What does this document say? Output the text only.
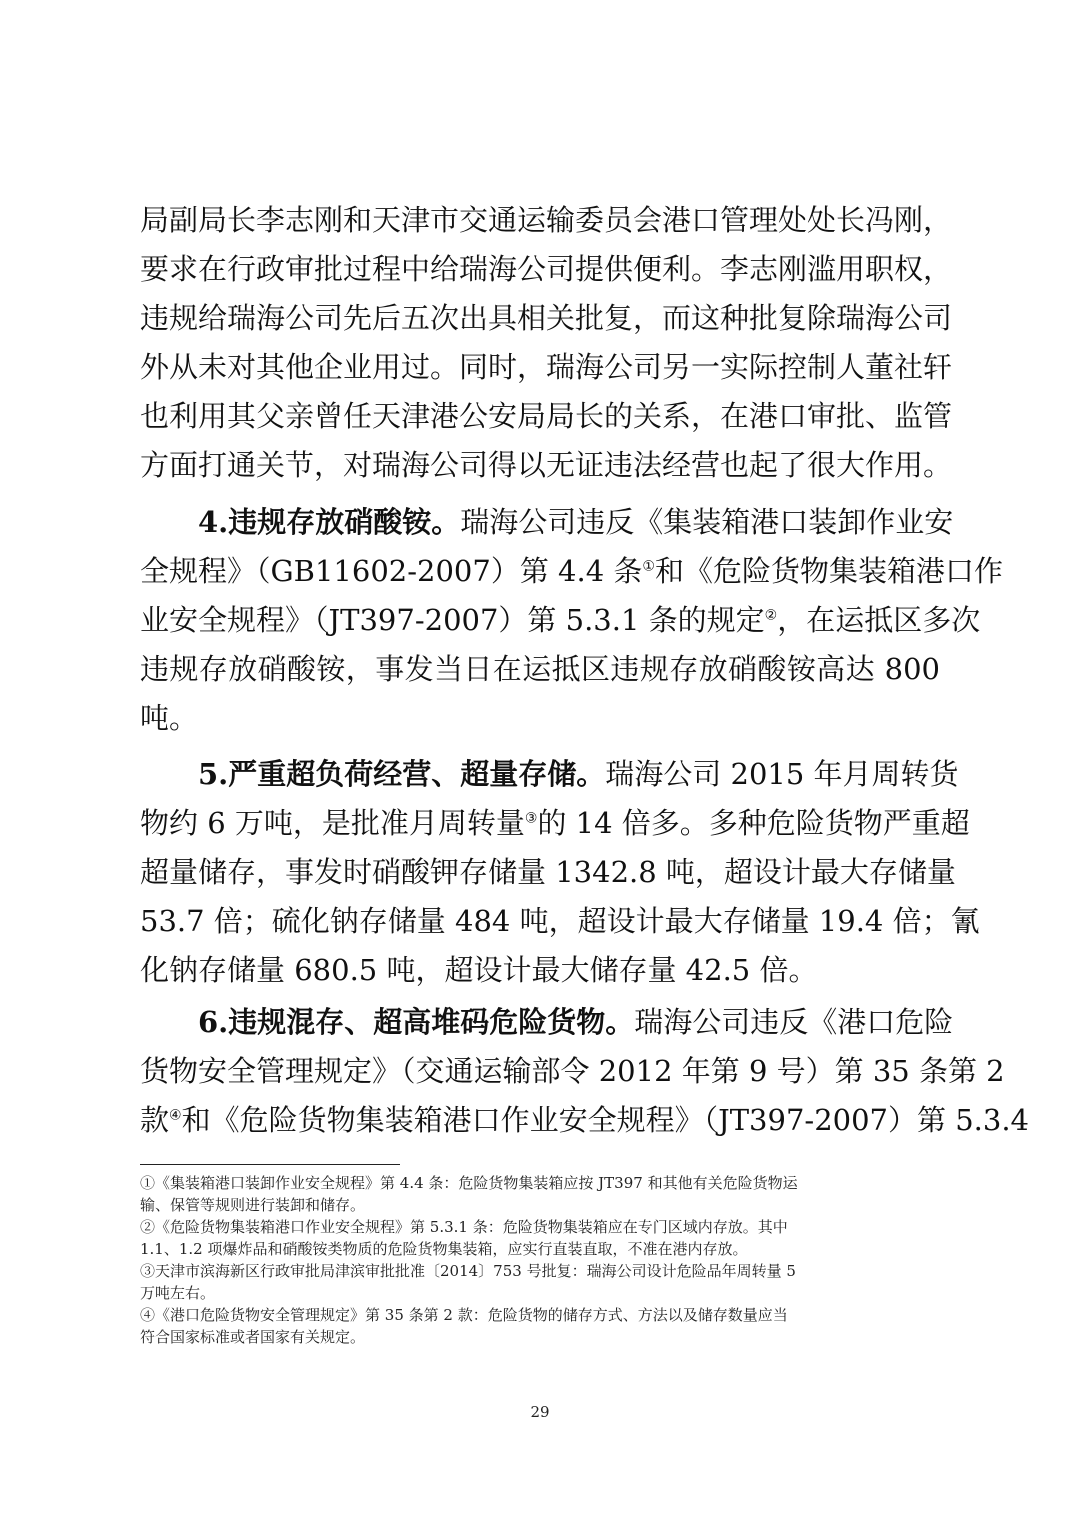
局副局长李志刚和天津市交通运输委员会港口管理处处长冯刚，
要求在行政审批过程中给瑞海公司提供便利。李志刚滥用职权，
违规给瑞海公司先后五次出具相关批复，而这种批复除瑞海公司
外从未对其他企业用过。同时，瑞海公司另一实际控制人董社轩
也利用其父亲曾任天津港公安局局长的关系，在港口审批、监管
方面打通关节，对瑞海公司得以无证违法经营也起了很大作用。
4.违规存放硝酸铵。瑞海公司违反《集装箱港口装卸作业安
全规程》（GB11602-2007）第 4.4 条①和《危险货物集装箱港口作
业安全规程》（JT397-2007）第 5.3.1 条的规定②，在运抵区多次
违规存放硝酸铵，事发当日在运抵区违规存放硝酸铵高达 800
吨。
5.严重超负荷经营、超量存储。瑞海公司 2015 年月周转货
物约 6 万吨，是批准月周转量③的 14 倍多。多种危险货物严重超
超量储存，事发时硝酸钾存储量 1342.8 吨，超设计最大存储量
53.7 倍；硫化钠存储量 484 吨，超设计最大存储量 19.4 倍；氰
化钠存储量 680.5 吨，超设计最大储存量 42.5 倍。
6.违规混存、超高堆码危险货物。瑞海公司违反《港口危险
货物安全管理规定》（交通运输部令 2012 年第 9 号）第 35 条第 2
款④和《危险货物集装箱港口作业安全规程》（JT397-2007）第 5.3.4
①《集装箱港口装卸作业安全规程》第 4.4 条：危险货物集装箱应按 JT397 和其他有关危险货物运
输、保管等规则进行装卸和储存。
②《危险货物集装箱港口作业安全规程》第 5.3.1 条：危险货物集装箱应在专门区域内存放。其中
1.1、1.2 项爆炸品和硝酸铵类物质的危险货物集装箱，应实行直装直取，不准在港内存放。
③天津市滨海新区行政审批局津滨审批批准〔2014〕753 号批复：瑞海公司设计危险品年周转量 5
万吨左右。
④《港口危险货物安全管理规定》第 35 条第 2 款：危险货物的储存方式、方法以及储存数量应当
符合国家标准或者国家有关规定。
29
